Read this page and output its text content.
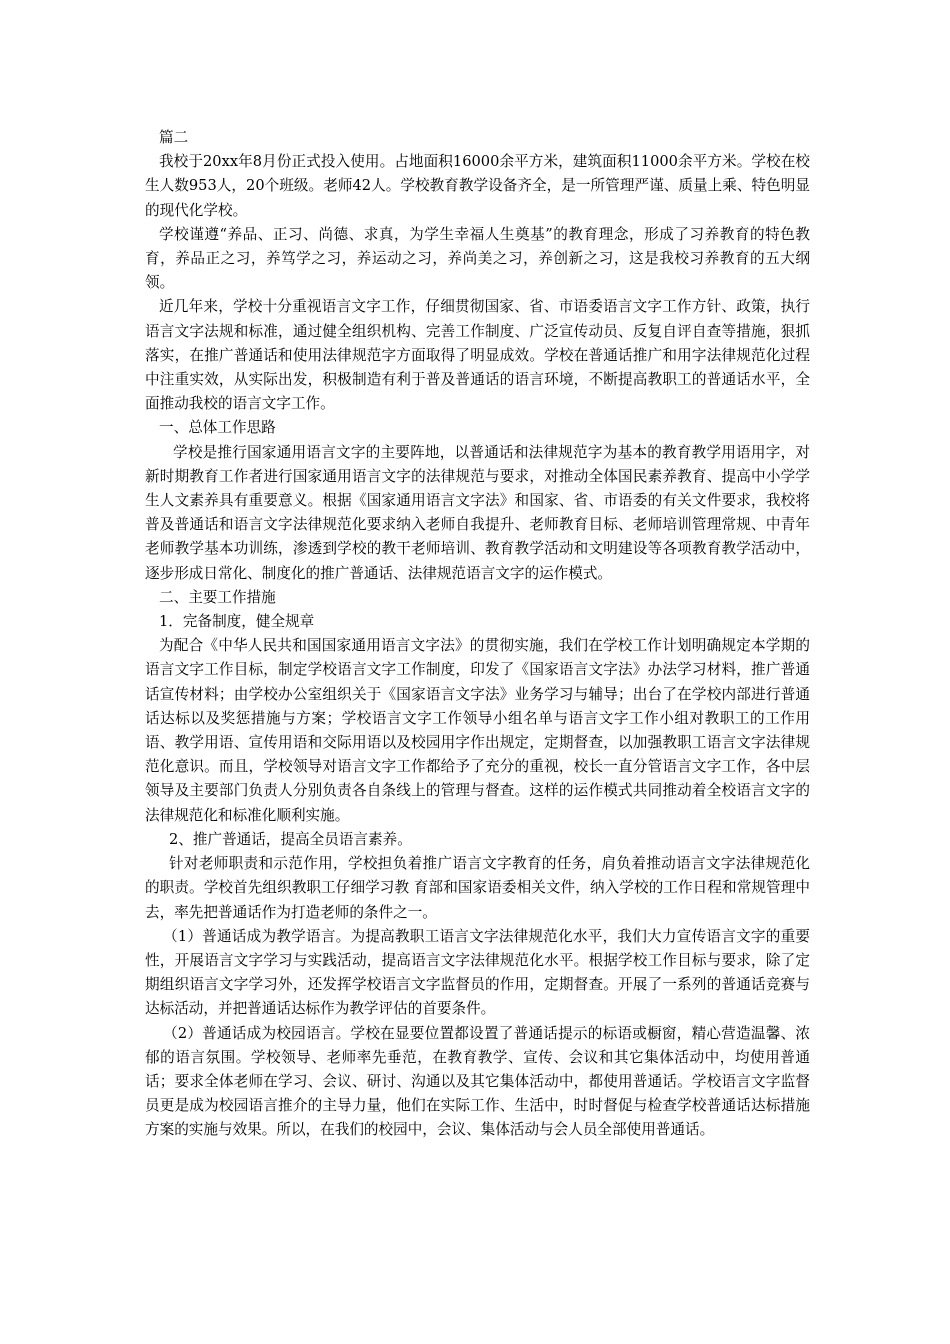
篇二

我校于20xx年8月份正式投入使用。占地面积16000余平方米，建筑面积11000余平方米。学校在校生人数953人，20个班级。老师42人。学校教育教学设备齐全，是一所管理严谨、质量上乘、特色明显的现代化学校。

学校谨遵“养品、正习、尚德、求真，为学生幸福人生奠基”的教育理念，形成了习养教育的特色教育，养品正之习，养笃学之习，养运动之习，养尚美之习，养创新之习，这是我校习养教育的五大纲领。

近几年来，学校十分重视语言文字工作，仔细贯彻国家、省、市语委语言文字工作方针、政策，执行语言文字法规和标准，通过健全组织机构、完善工作制度、广泛宣传动员、反复自评自查等措施，狠抓落实，在推广普通话和使用法律规范字方面取得了明显成效。学校在普通话推广和用字法律规范化过程中注重实效，从实际出发，积极制造有利于普及普通话的语言环境，不断提高教职工的普通话水平，全面推动我校的语言文字工作。

一、总体工作思路

学校是推行国家通用语言文字的主要阵地，以普通话和法律规范字为基本的教育教学用语用字，对新时期教育工作者进行国家通用语言文字的法律规范与要求，对推动全体国民素养教育、提高中小学学生人文素养具有重要意义。根据《国家通用语言文字法》和国家、省、市语委的有关文件要求，我校将普及普通话和语言文字法律规范化要求纳入老师自我提升、老师教育目标、老师培训管理常规、中青年老师教学基本功训练，渗透到学校的教干老师培训、教育教学活动和文明建设等各项教育教学活动中，逐步形成日常化、制度化的推广普通话、法律规范语言文字的运作模式。

二、主要工作措施

1．完备制度，健全规章

为配合《中华人民共和国国家通用语言文字法》的贯彻实施，我们在学校工作计划明确规定本学期的语言文字工作目标，制定学校语言文字工作制度，印发了《国家语言文字法》办法学习材料，推广普通话宣传材料；由学校办公室组织关于《国家语言文字法》业务学习与辅导；出台了在学校内部进行普通话达标以及奖惩措施与方案；学校语言文字工作领导小组名单与语言文字工作小组对教职工的工作用语、教学用语、宣传用语和交际用语以及校园用字作出规定，定期督查，以加强教职工语言文字法律规范化意识。而且，学校领导对语言文字工作都给予了充分的重视，校长一直分管语言文字工作，各中层领导及主要部门负责人分别负责各自条线上的管理与督查。这样的运作模式共同推动着全校语言文字的法律规范化和标准化顺利实施。

2、推广普通话，提高全员语言素养。

针对老师职责和示范作用，学校担负着推广语言文字教育的任务，肩负着推动语言文字法律规范化的职责。学校首先组织教职工仔细学习教 育部和国家语委相关文件，纳入学校的工作日程和常规管理中去，率先把普通话作为打造老师的条件之一。

（1）普通话成为教学语言。为提高教职工语言文字法律规范化水平，我们大力宣传语言文字的重要性，开展语言文字学习与实践活动，提高语言文字法律规范化水平。根据学校工作目标与要求，除了定期组织语言文字学习外，还发挥学校语言文字监督员的作用，定期督查。开展了一系列的普通话竞赛与达标活动，并把普通话达标作为教学评估的首要条件。

（2）普通话成为校园语言。学校在显要位置都设置了普通话提示的标语或橱窗，精心营造温馨、浓郁的语言氛围。学校领导、老师率先垂范，在教育教学、宣传、会议和其它集体活动中，均使用普通话；要求全体老师在学习、会议、研讨、沟通以及其它集体活动中，都使用普通话。学校语言文字监督员更是成为校园语言推介的主导力量，他们在实际工作、生活中，时时督促与检查学校普通话达标措施方案的实施与效果。所以，在我们的校园中，会议、集体活动与会人员全部使用普通话。
